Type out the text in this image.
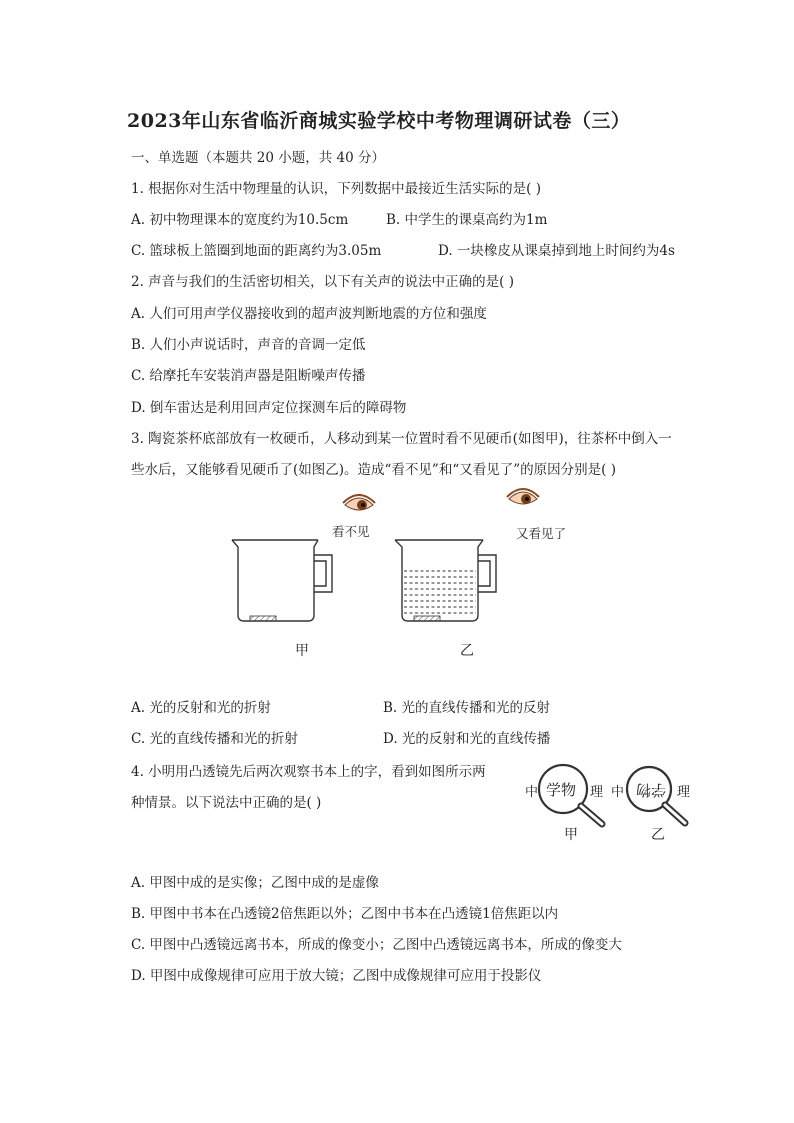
2023年山东省临沂商城实验学校中考物理调研试卷（三）
一、单选题（本题共 20 小题，共 40 分）
1. 根据你对生活中物理量的认识，下列数据中最接近生活实际的是( )
A. 初中物理课本的宽度约为10.5cm	B. 中学生的课桌高约为1m
C. 篮球板上篮圈到地面的距离约为3.05m	D. 一块橡皮从课桌掉到地上时间约为4s
2. 声音与我们的生活密切相关，以下有关声的说法中正确的是( )
A. 人们可用声学仪器接收到的超声波判断地震的方位和强度
B. 人们小声说话时，声音的音调一定低
C. 给摩托车安装消声器是阻断噪声传播
D. 倒车雷达是利用回声定位探测车后的障碍物
3. 陶瓷茶杯底部放有一枚硬币，人移动到某一位置时看不见硬币(如图甲)，往茶杯中倒入一
些水后，又能够看见硬币了(如图乙)。造成“看不见”和“又看见了”的原因分别是( )
看不见	又看见了
甲	乙
A. 光的反射和光的折射	B. 光的直线传播和光的反射
C. 光的直线传播和光的折射	D. 光的反射和光的直线传播
4. 小明用凸透镜先后两次观察书本上的字，看到如图所示两
种情景。以下说法中正确的是( )
中 学物 理 中 学物 理
甲	乙
A. 甲图中成的是实像；乙图中成的是虚像
B. 甲图中书本在凸透镜2倍焦距以外；乙图中书本在凸透镜1倍焦距以内
C. 甲图中凸透镜远离书本，所成的像变小；乙图中凸透镜远离书本，所成的像变大
D. 甲图中成像规律可应用于放大镜；乙图中成像规律可应用于投影仪
